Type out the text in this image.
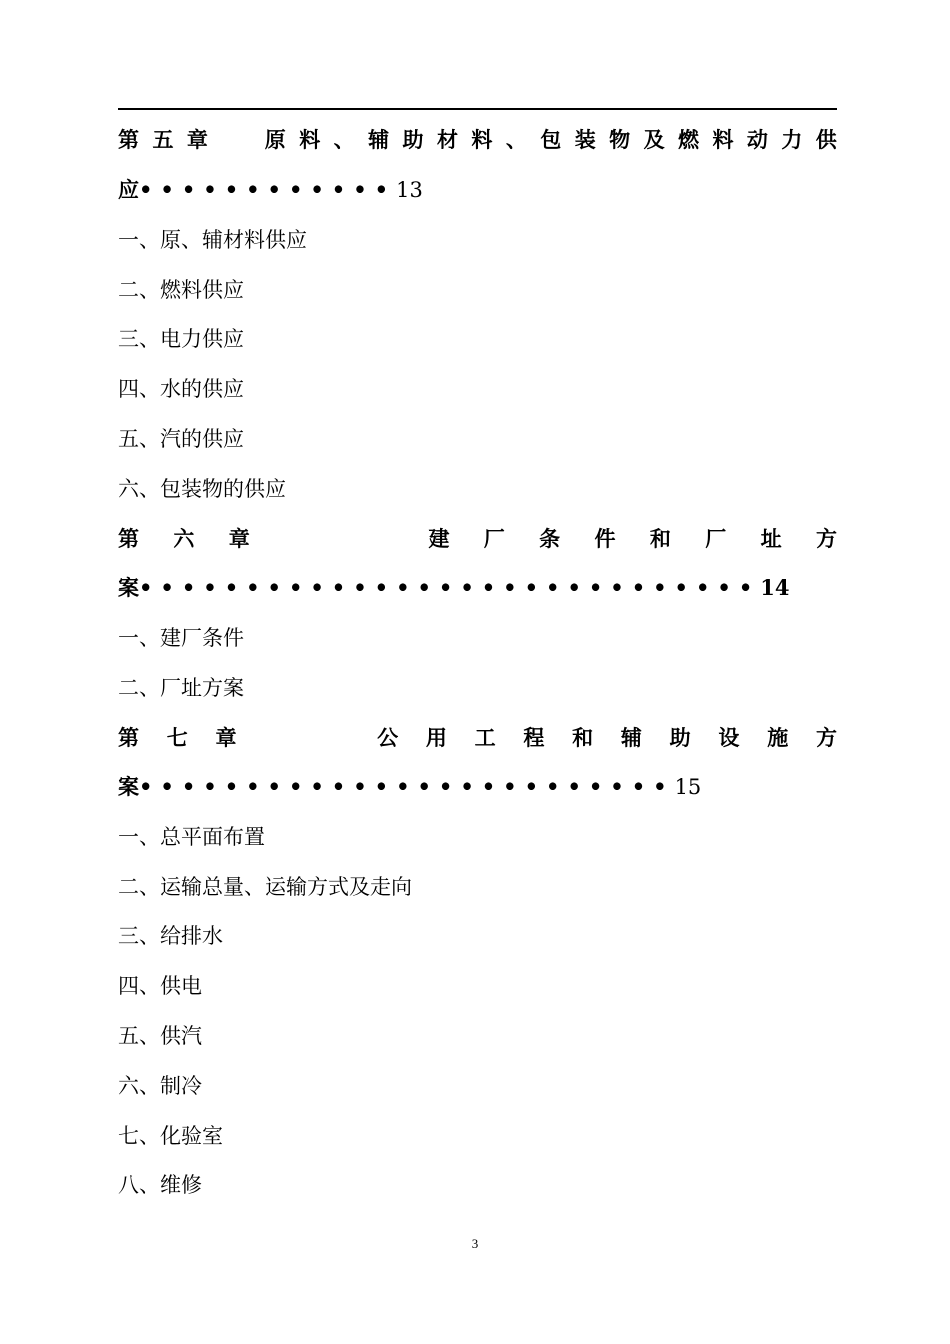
第 五 章	原 料 、 辅 助 材 料 、 包 装 物 及 燃 料 动 力 供
应••••••••••••13
一、原、辅材料供应
二、燃料供应
三、电力供应
四、水的供应
五、汽的供应
六、包装物的供应
第 六 章	建 厂 条 件 和 厂 址 方
案•••••••••••••••••••••••••••••14
一、建厂条件
二、厂址方案
第 七 章	公 用 工 程 和 辅 助 设 施 方
案•••••••••••••••••••••••••15
一、总平面布置
二、运输总量、运输方式及走向
三、给排水
四、供电
五、供汽
六、制冷
七、化验室
八、维修
3
